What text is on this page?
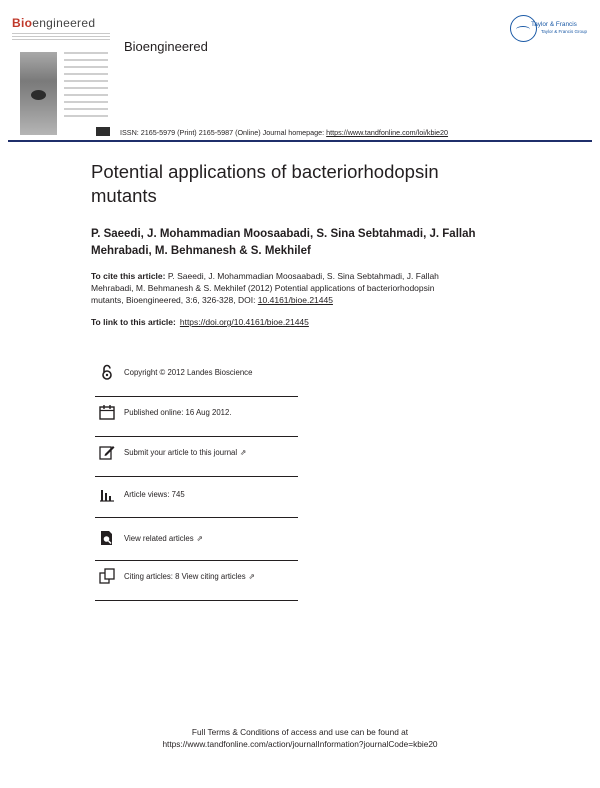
Bioengineered
Bioengineered
ISSN: 2165-5979 (Print) 2165-5987 (Online) Journal homepage: https://www.tandfonline.com/loi/kbie20
Taylor & Francis
Taylor & Francis Group
Potential applications of bacteriorhodopsin
mutants
P. Saeedi, J. Mohammadian Moosaabadi, S. Sina Sebtahmadi, J. Fallah
Mehrabadi, M. Behmanesh & S. Mekhilef
To cite this article: P. Saeedi, J. Mohammadian Moosaabadi, S. Sina Sebtahmadi, J. Fallah
Mehrabadi, M. Behmanesh & S. Mekhilef (2012) Potential applications of bacteriorhodopsin
mutants, Bioengineered, 3:6, 326-328, DOI: 10.4161/bioe.21445
To link to this article: https://doi.org/10.4161/bioe.21445
Copyright © 2012 Landes Bioscience
Published online: 16 Aug 2012.
Submit your article to this journal ⇗
Article views: 745
View related articles ⇗
Citing articles: 8 View citing articles ⇗
Full Terms & Conditions of access and use can be found at
https://www.tandfonline.com/action/journalInformation?journalCode=kbie20
